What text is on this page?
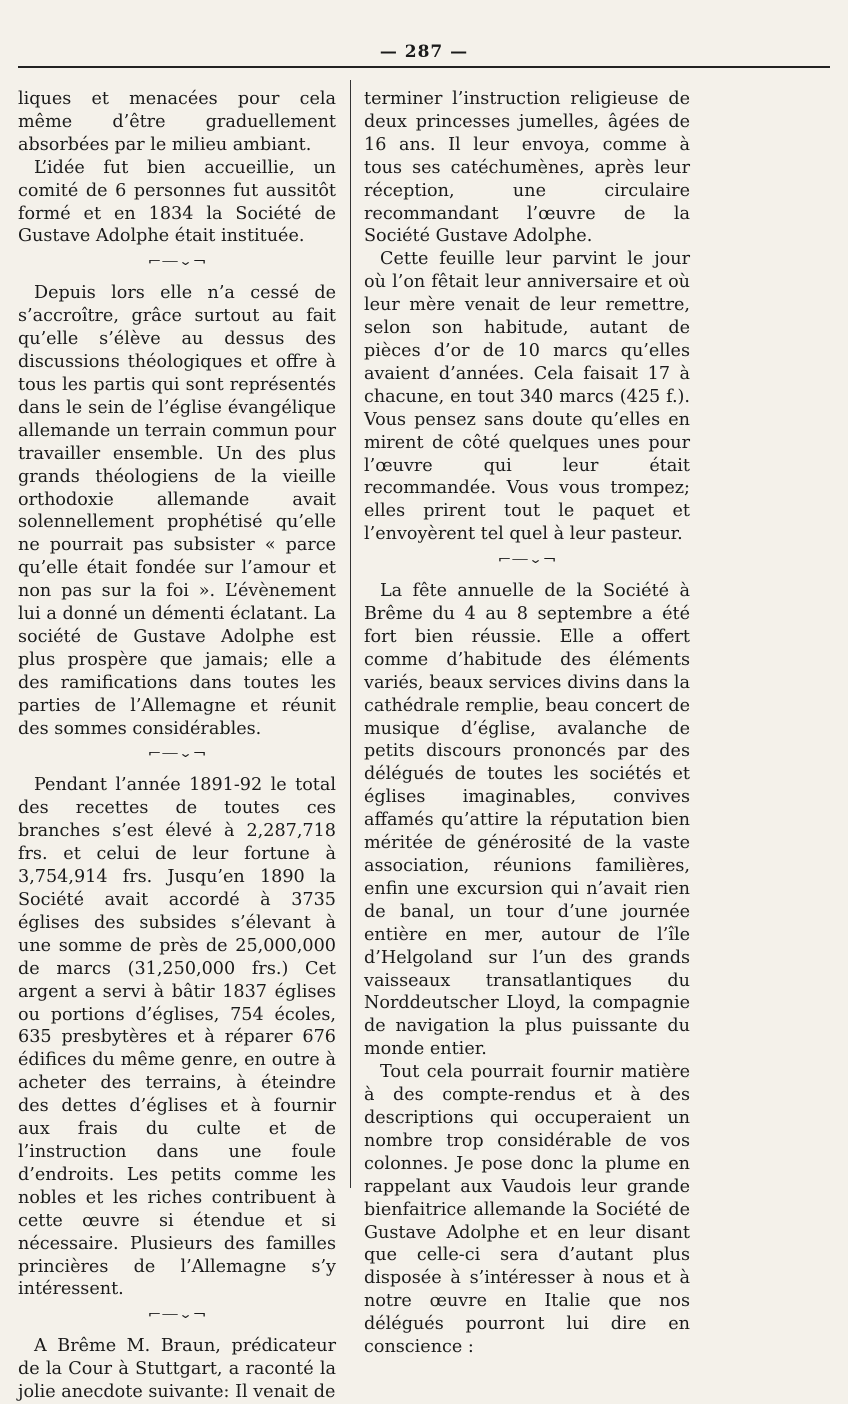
— 287 —

liques et menacées pour cela même d’être graduellement absorbées par le milieu ambiant.

L’idée fut bien accueillie, un comité de 6 personnes fut aussitôt formé et en 1834 la Société de Gustave Adolphe était instituée.

⌐—⌄¬

Depuis lors elle n’a cessé de s’accroître, grâce surtout au fait qu’elle s’élève au dessus des discussions théologiques et offre à tous les partis qui sont représentés dans le sein de l’église évangélique allemande un terrain commun pour travailler ensemble. Un des plus grands théologiens de la vieille orthodoxie allemande avait solennellement prophétisé qu’elle ne pourrait pas subsister « parce qu’elle était fondée sur l’amour et non pas sur la foi ». L’évènement lui a donné un démenti éclatant. La société de Gustave Adolphe est plus prospère que jamais; elle a des ramifications dans toutes les parties de l’Allemagne et réunit des sommes considérables.

⌐—⌄¬

Pendant l’année 1891-92 le total des recettes de toutes ces branches s’est élevé à 2,287,718 frs. et celui de leur fortune à 3,754,914 frs. Jusqu’en 1890 la Société avait accordé à 3735 églises des subsides s’élevant à une somme de près de 25,000,000 de marcs (31,250,000 frs.) Cet argent a servi à bâtir 1837 églises ou portions d’églises, 754 écoles, 635 presbytères et à réparer 676 édifices du même genre, en outre à acheter des terrains, à éteindre des dettes d’églises et à fournir aux frais du culte et de l’instruction dans une foule d’endroits. Les petits comme les nobles et les riches contribuent à cette œuvre si étendue et si nécessaire. Plusieurs des familles princières de l’Allemagne s’y intéressent.

⌐—⌄¬

A Brême M. Braun, prédicateur de la Cour à Stuttgart, a raconté la jolie anecdote suivante: Il venait de

terminer l’instruction religieuse de deux princesses jumelles, âgées de 16 ans. Il leur envoya, comme à tous ses catéchumènes, après leur réception, une circulaire recommandant l’œuvre de la Société Gustave Adolphe.

Cette feuille leur parvint le jour où l’on fêtait leur anniversaire et où leur mère venait de leur remettre, selon son habitude, autant de pièces d’or de 10 marcs qu’elles avaient d’années. Cela faisait 17 à chacune, en tout 340 marcs (425 f.). Vous pensez sans doute qu’elles en mirent de côté quelques unes pour l’œuvre qui leur était recommandée. Vous vous trompez; elles prirent tout le paquet et l’envoyèrent tel quel à leur pasteur.

⌐—⌄¬

La fête annuelle de la Société à Brême du 4 au 8 septembre a été fort bien réussie. Elle a offert comme d’habitude des éléments variés, beaux services divins dans la cathédrale remplie, beau concert de musique d’église, avalanche de petits discours prononcés par des délégués de toutes les sociétés et églises imaginables, convives affamés qu’attire la réputation bien méritée de générosité de la vaste association, réunions familières, enfin une excursion qui n’avait rien de banal, un tour d’une journée entière en mer, autour de l’île d’Helgoland sur l’un des grands vaisseaux transatlantiques du Norddeutscher Lloyd, la compagnie de navigation la plus puissante du monde entier.

Tout cela pourrait fournir matière à des compte-rendus et à des descriptions qui occuperaient un nombre trop considérable de vos colonnes. Je pose donc la plume en rappelant aux Vaudois leur grande bienfaitrice allemande la Société de Gustave Adolphe et en leur disant que celle-ci sera d’autant plus disposée à s’intéresser à nous et à notre œuvre en Italie que nos délégués pourront lui dire en conscience :
